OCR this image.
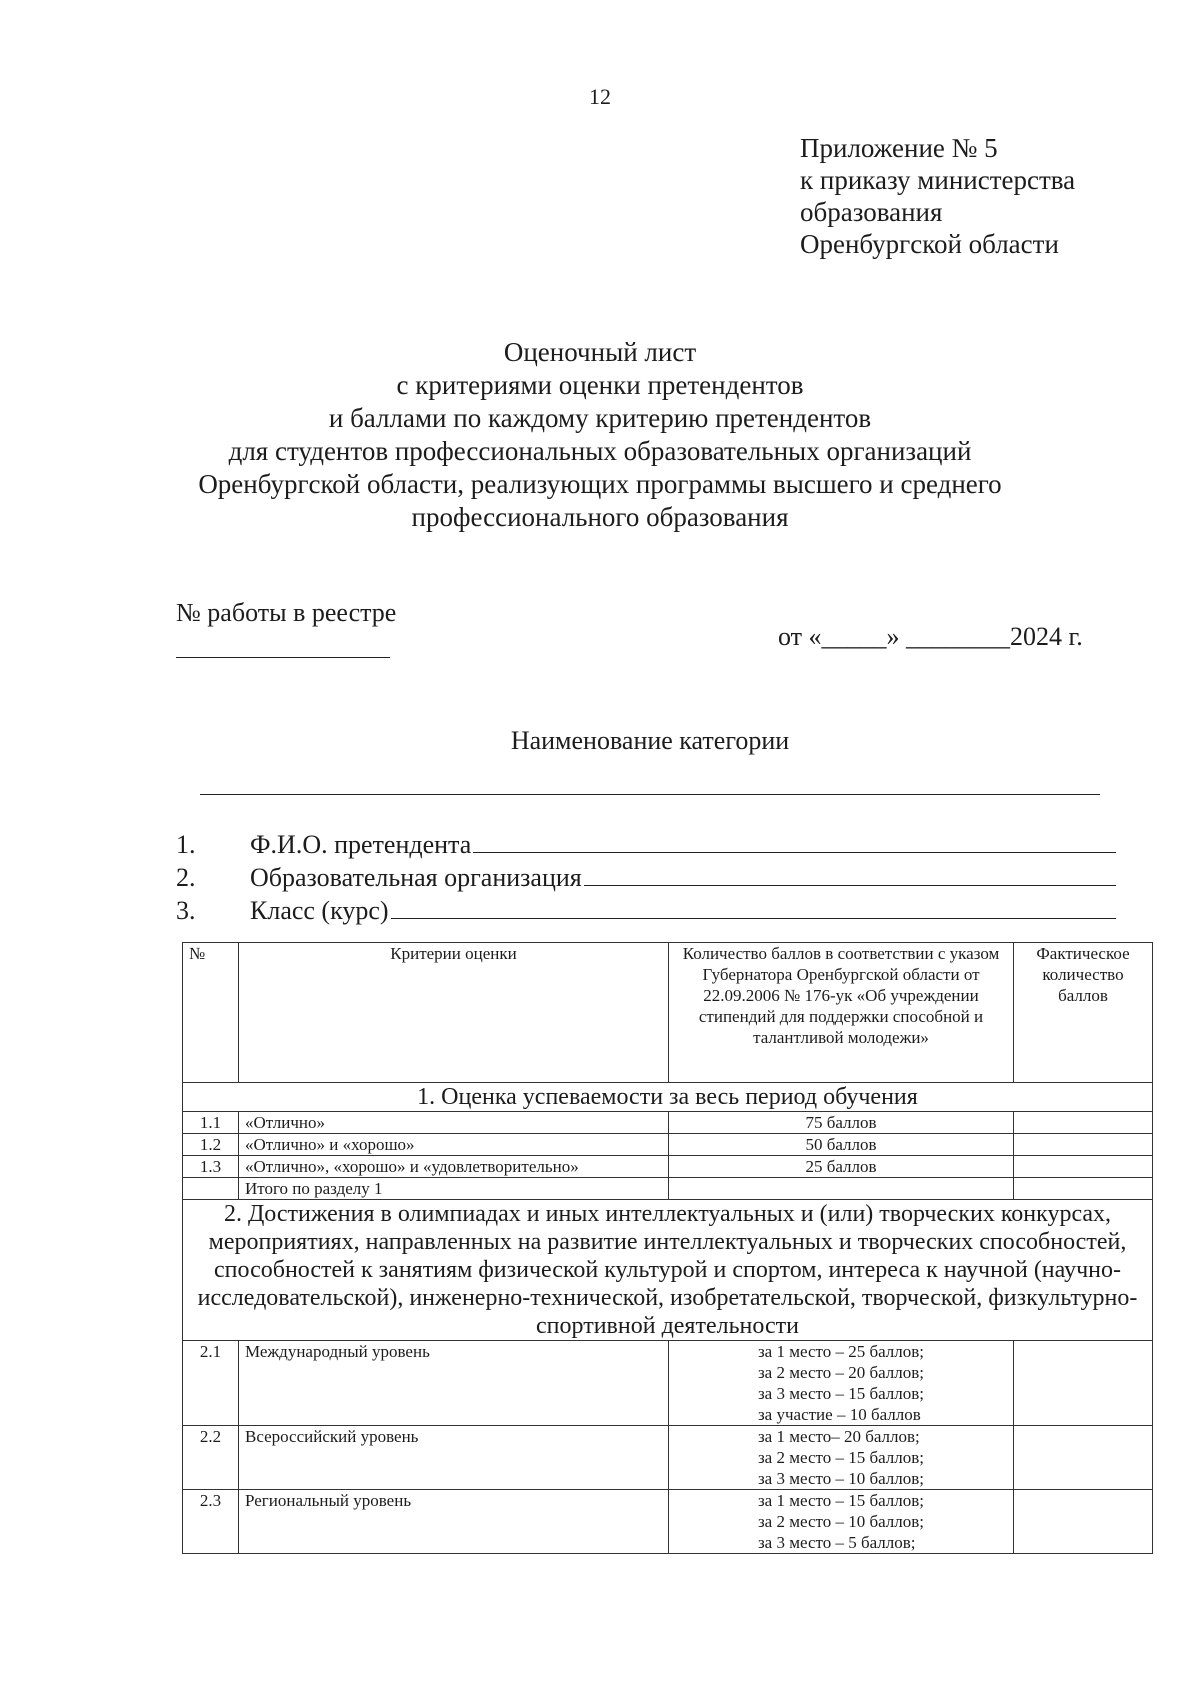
12
Приложение № 5
к приказу министерства
образования
Оренбургской области
Оценочный лист
с критериями оценки претендентов
и баллами по каждому критерию претендентов
для студентов профессиональных образовательных организаций
Оренбургской области, реализующих программы высшего и среднего
профессионального образования
№ работы в реестре
от «_____» ________2024 г.
Наименование категории
1.	Ф.И.О. претендента
2.	Образовательная организация
3.	Класс (курс)
№	Критерии оценки	Количество баллов в соответствии с указом Губернатора Оренбургской области от 22.09.2006 № 176-ук «Об учреждении стипендий для поддержки способной и талантливой молодежи»	Фактическое количество баллов
1. Оценка успеваемости за весь период обучения			
1.1	«Отлично»	75 баллов	
1.2	«Отлично» и «хорошо»	50 баллов	
1.3	«Отлично», «хорошо» и «удовлетворительно»	25 баллов	
	Итого по разделу 1		
2. Достижения в олимпиадах и иных интеллектуальных и (или) творческих конкурсах, мероприятиях, направленных на развитие интеллектуальных и творческих способностей, способностей к занятиям физической культурой и спортом, интереса к научной (научно-исследовательской), инженерно-технической, изобретательской, творческой, физкультурно-спортивной деятельности			
2.1	Международный уровень	за 1 место – 25 баллов;
за 2 место – 20 баллов;
за 3 место – 15 баллов;
за участие – 10 баллов	

2.2	Всероссийский уровень	за 1 место– 20 баллов;
за 2 место – 15 баллов;
за 3 место – 10 баллов;	

2.3	Региональный уровень	за 1 место – 15 баллов;
за 2 место – 10 баллов;
за 3 место – 5 баллов;	
